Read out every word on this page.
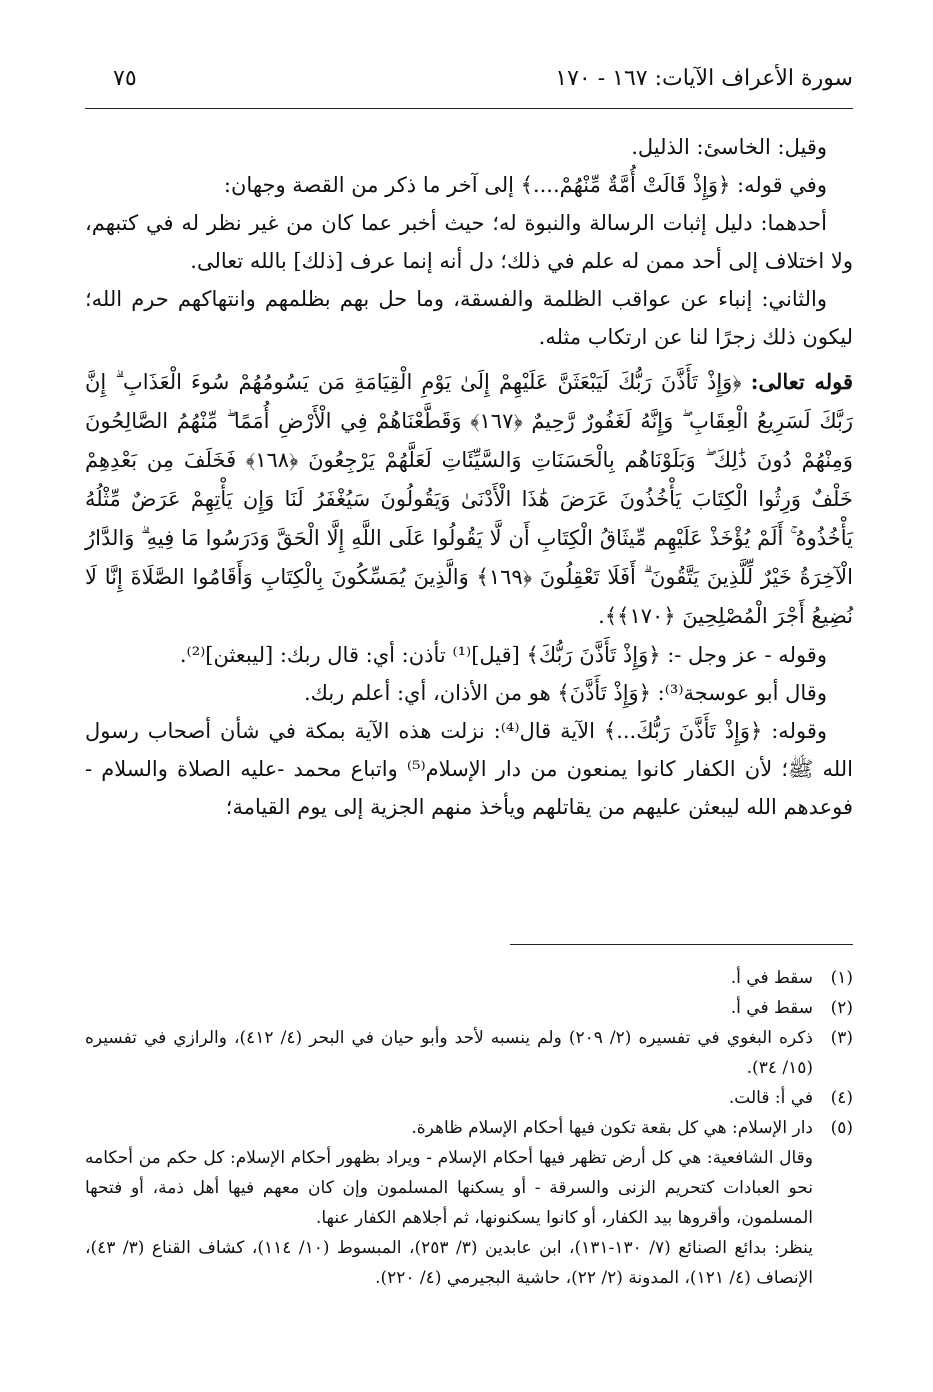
سورة الأعراف الآيات: ١٦٧ - ١٧٠
٧٥

وقيل: الخاسئ: الذليل.

وفي قوله: ﴿وَإِذْ قَالَتْ أُمَّةٌ مِّنْهُمْ....﴾ إلى آخر ما ذكر من القصة وجهان:

أحدهما: دليل إثبات الرسالة والنبوة له؛ حيث أخبر عما كان من غير نظر له في كتبهم، ولا اختلاف إلى أحد ممن له علم في ذلك؛ دل أنه إنما عرف [ذلك] بالله تعالى.

والثاني: إنباء عن عواقب الظلمة والفسقة، وما حل بهم بظلمهم وانتهاكهم حرم الله؛ ليكون ذلك زجرًا لنا عن ارتكاب مثله.

قوله تعالى: ﴿وَإِذْ تَأَذَّنَ رَبُّكَ لَيَبْعَثَنَّ عَلَيْهِمْ إِلَىٰ يَوْمِ الْقِيَامَةِ مَن يَسُومُهُمْ سُوءَ الْعَذَابِ ۗ إِنَّ رَبَّكَ لَسَرِيعُ الْعِقَابِ ۖ وَإِنَّهُ لَغَفُورٌ رَّحِيمٌ ﴿١٦٧﴾ وَقَطَّعْنَاهُمْ فِي الْأَرْضِ أُمَمًا ۖ مِّنْهُمُ الصَّالِحُونَ وَمِنْهُمْ دُونَ ذَٰلِكَ ۖ وَبَلَوْنَاهُم بِالْحَسَنَاتِ وَالسَّيِّئَاتِ لَعَلَّهُمْ يَرْجِعُونَ ﴿١٦٨﴾ فَخَلَفَ مِن بَعْدِهِمْ خَلْفٌ وَرِثُوا الْكِتَابَ يَأْخُذُونَ عَرَضَ هَٰذَا الْأَدْنَىٰ وَيَقُولُونَ سَيُغْفَرُ لَنَا وَإِن يَأْتِهِمْ عَرَضٌ مِّثْلُهُ يَأْخُذُوهُ ۚ أَلَمْ يُؤْخَذْ عَلَيْهِم مِّيثَاقُ الْكِتَابِ أَن لَّا يَقُولُوا عَلَى اللَّهِ إِلَّا الْحَقَّ وَدَرَسُوا مَا فِيهِ ۗ وَالدَّارُ الْآخِرَةُ خَيْرٌ لِّلَّذِينَ يَتَّقُونَ ۗ أَفَلَا تَعْقِلُونَ ﴿١٦٩﴾ وَالَّذِينَ يُمَسِّكُونَ بِالْكِتَابِ وَأَقَامُوا الصَّلَاةَ إِنَّا لَا نُضِيعُ أَجْرَ الْمُصْلِحِينَ ﴿١٧٠﴾﴾.

وقوله - عز وجل -: ﴿وَإِذْ تَأَذَّنَ رَبُّكَ﴾ [قيل]⁽¹⁾ تأذن: أي: قال ربك: [ليبعثن]⁽²⁾.

وقال أبو عوسجة⁽³⁾: ﴿وَإِذْ تَأَذَّنَ﴾ هو من الأذان، أي: أعلم ربك.

وقوله: ﴿وَإِذْ تَأَذَّنَ رَبُّكَ...﴾ الآية قال⁽⁴⁾: نزلت هذه الآية بمكة في شأن أصحاب رسول الله ﷺ؛ لأن الكفار كانوا يمنعون من دار الإسلام⁽⁵⁾ واتباع محمد -عليه الصلاة والسلام - فوعدهم الله ليبعثن عليهم من يقاتلهم ويأخذ منهم الجزية إلى يوم القيامة؛

(١)
سقط في أ.
(٢)
سقط في أ.
(٣)
ذكره البغوي في تفسيره (٢/ ٢٠٩) ولم ينسبه لأحد وأبو حيان في البحر (٤/ ٤١٢)، والرازي في تفسيره (١٥/ ٣٤).
(٤)
في أ: قالت.
(٥)
دار الإسلام: هي كل بقعة تكون فيها أحكام الإسلام ظاهرة.

وقال الشافعية: هي كل أرض تظهر فيها أحكام الإسلام - ويراد بظهور أحكام الإسلام: كل حكم من أحكامه نحو العبادات كتحريم الزنى والسرقة - أو يسكنها المسلمون وإن كان معهم فيها أهل ذمة، أو فتحها المسلمون، وأقروها بيد الكفار، أو كانوا يسكنونها، ثم أجلاهم الكفار عنها.

ينظر: بدائع الصنائع (٧/ ١٣٠-١٣١)، ابن عابدين (٣/ ٢٥٣)، المبسوط (١٠/ ١١٤)، كشاف القناع (٣/ ٤٣)، الإنصاف (٤/ ١٢١)، المدونة (٢/ ٢٢)، حاشية البجيرمي (٤/ ٢٢٠).
